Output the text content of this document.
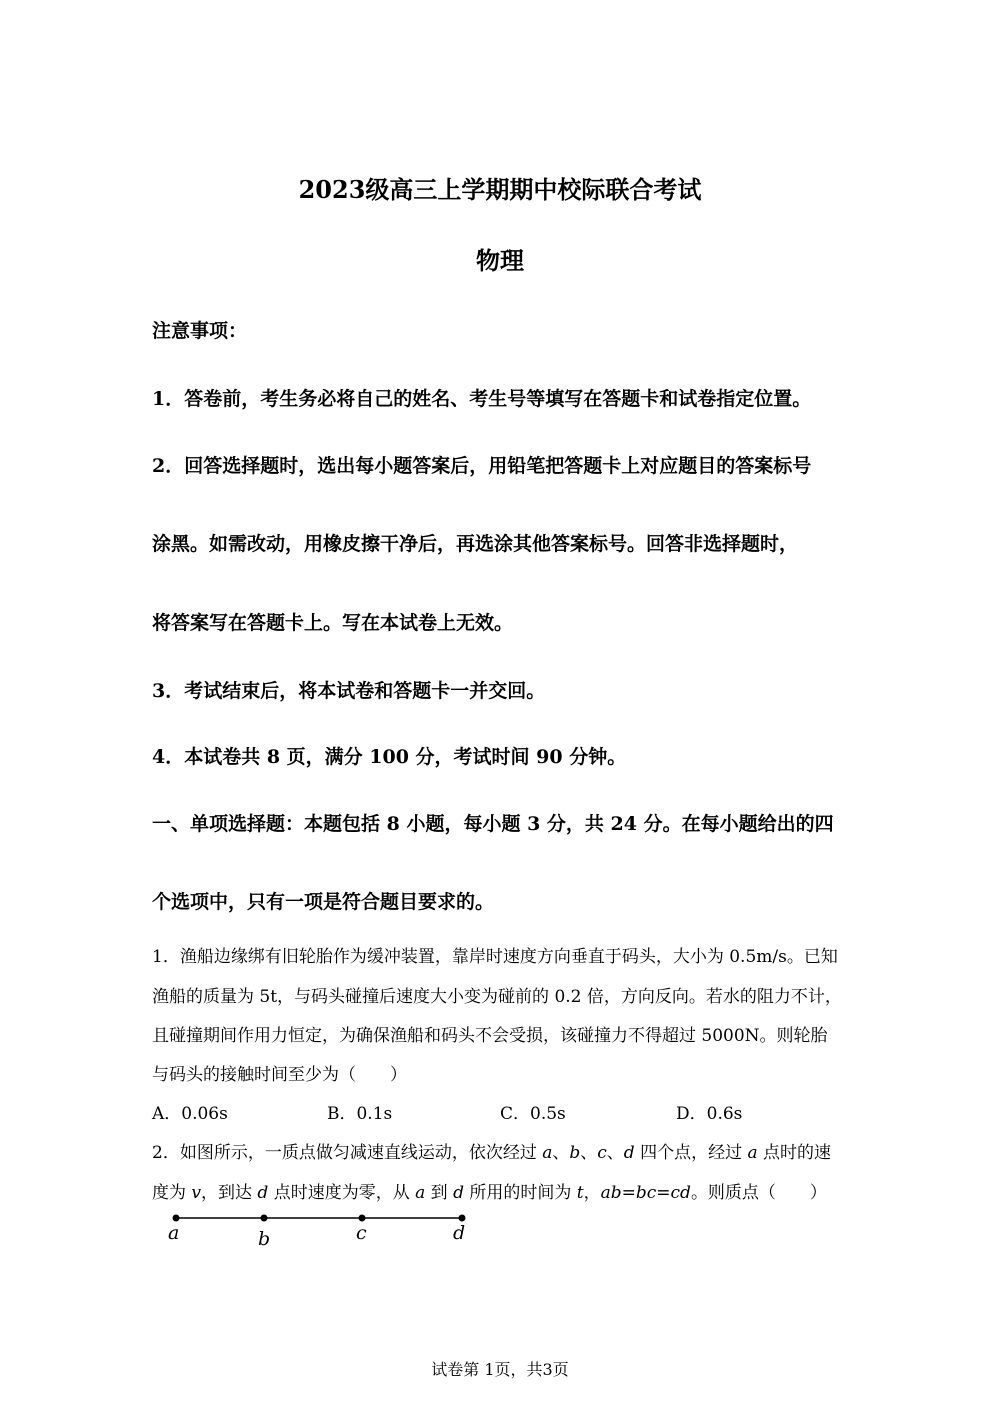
2023级高三上学期期中校际联合考试
物理
注意事项：
1．答卷前，考生务必将自己的姓名、考生号等填写在答题卡和试卷指定位置。
2．回答选择题时，选出每小题答案后，用铅笔把答题卡上对应题目的答案标号
涂黑。如需改动，用橡皮擦干净后，再选涂其他答案标号。回答非选择题时，
将答案写在答题卡上。写在本试卷上无效。
3．考试结束后，将本试卷和答题卡一并交回。
4．本试卷共 8 页，满分 100 分，考试时间 90 分钟。
一、单项选择题：本题包括 8 小题，每小题 3 分，共 24 分。在每小题给出的四
个选项中，只有一项是符合题目要求的。
1．渔船边缘绑有旧轮胎作为缓冲装置，靠岸时速度方向垂直于码头，大小为 0.5m/s。已知
渔船的质量为 5t，与码头碰撞后速度大小变为碰前的 0.2 倍，方向反向。若水的阻力不计，
且碰撞期间作用力恒定，为确保渔船和码头不会受损，该碰撞力不得超过 5000N。则轮胎
与码头的接触时间至少为（　　）
A．0.06s	B．0.1s	C．0.5s	D．0.6s
2．如图所示，一质点做匀减速直线运动，依次经过 a、b、c、d 四个点，经过 a 点时的速
度为 v，到达 d 点时速度为零，从 a 到 d 所用的时间为 t，ab=bc=cd。则质点（　　）
a	b	c	d
试卷第 1页，共3页
